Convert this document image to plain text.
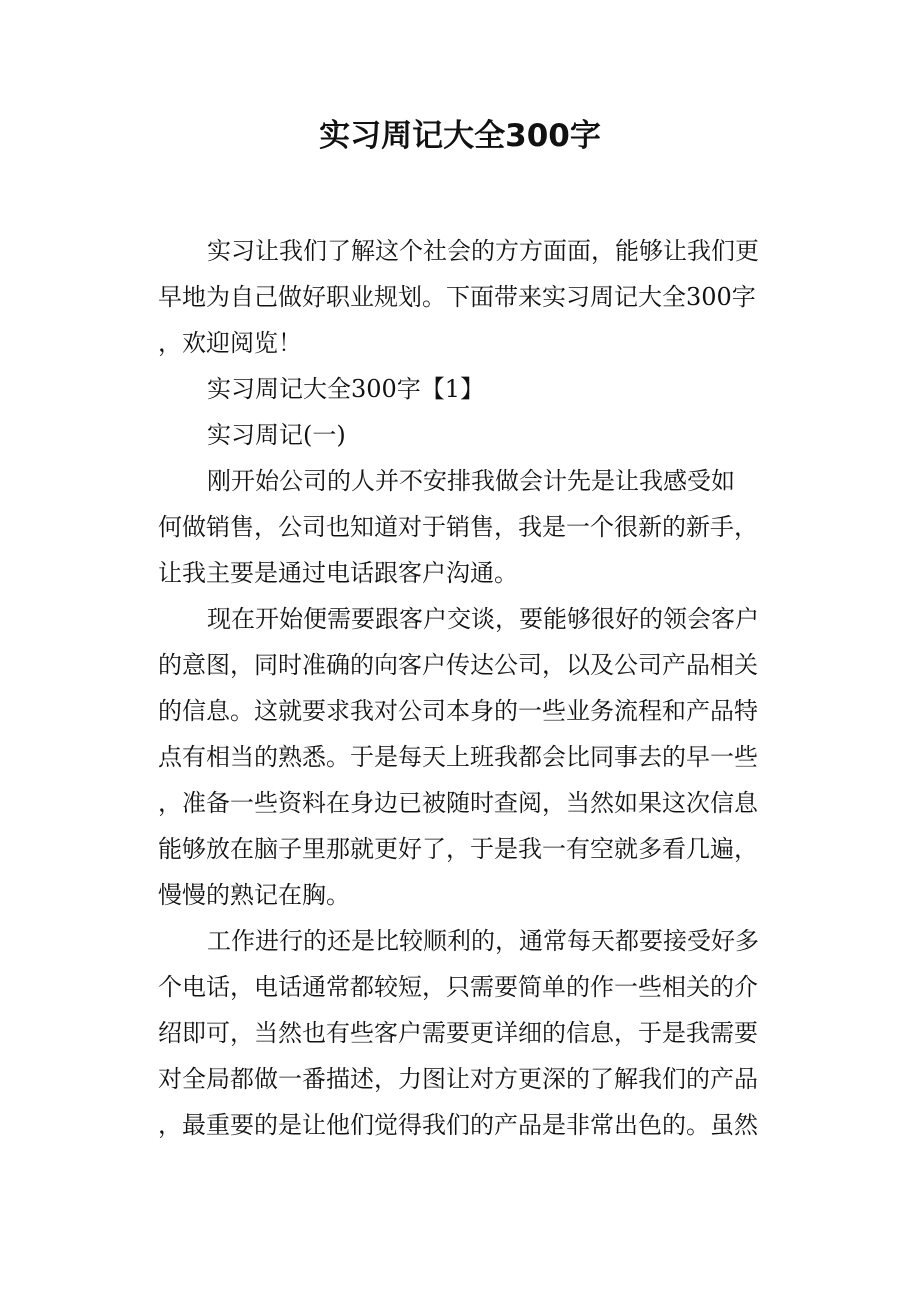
实习周记大全300字
实习让我们了解这个社会的方方面面，能够让我们更
早地为自己做好职业规划。下面带来实习周记大全300字
，欢迎阅览！
实习周记大全300字【1】
实习周记(一)
刚开始公司的人并不安排我做会计先是让我感受如
何做销售，公司也知道对于销售，我是一个很新的新手，
让我主要是通过电话跟客户沟通。
现在开始便需要跟客户交谈，要能够很好的领会客户
的意图，同时准确的向客户传达公司，以及公司产品相关
的信息。这就要求我对公司本身的一些业务流程和产品特
点有相当的熟悉。于是每天上班我都会比同事去的早一些
，准备一些资料在身边已被随时查阅，当然如果这次信息
能够放在脑子里那就更好了，于是我一有空就多看几遍，
慢慢的熟记在胸。
工作进行的还是比较顺利的，通常每天都要接受好多
个电话，电话通常都较短，只需要简单的作一些相关的介
绍即可，当然也有些客户需要更详细的信息，于是我需要
对全局都做一番描述，力图让对方更深的了解我们的产品
，最重要的是让他们觉得我们的产品是非常出色的。虽然
